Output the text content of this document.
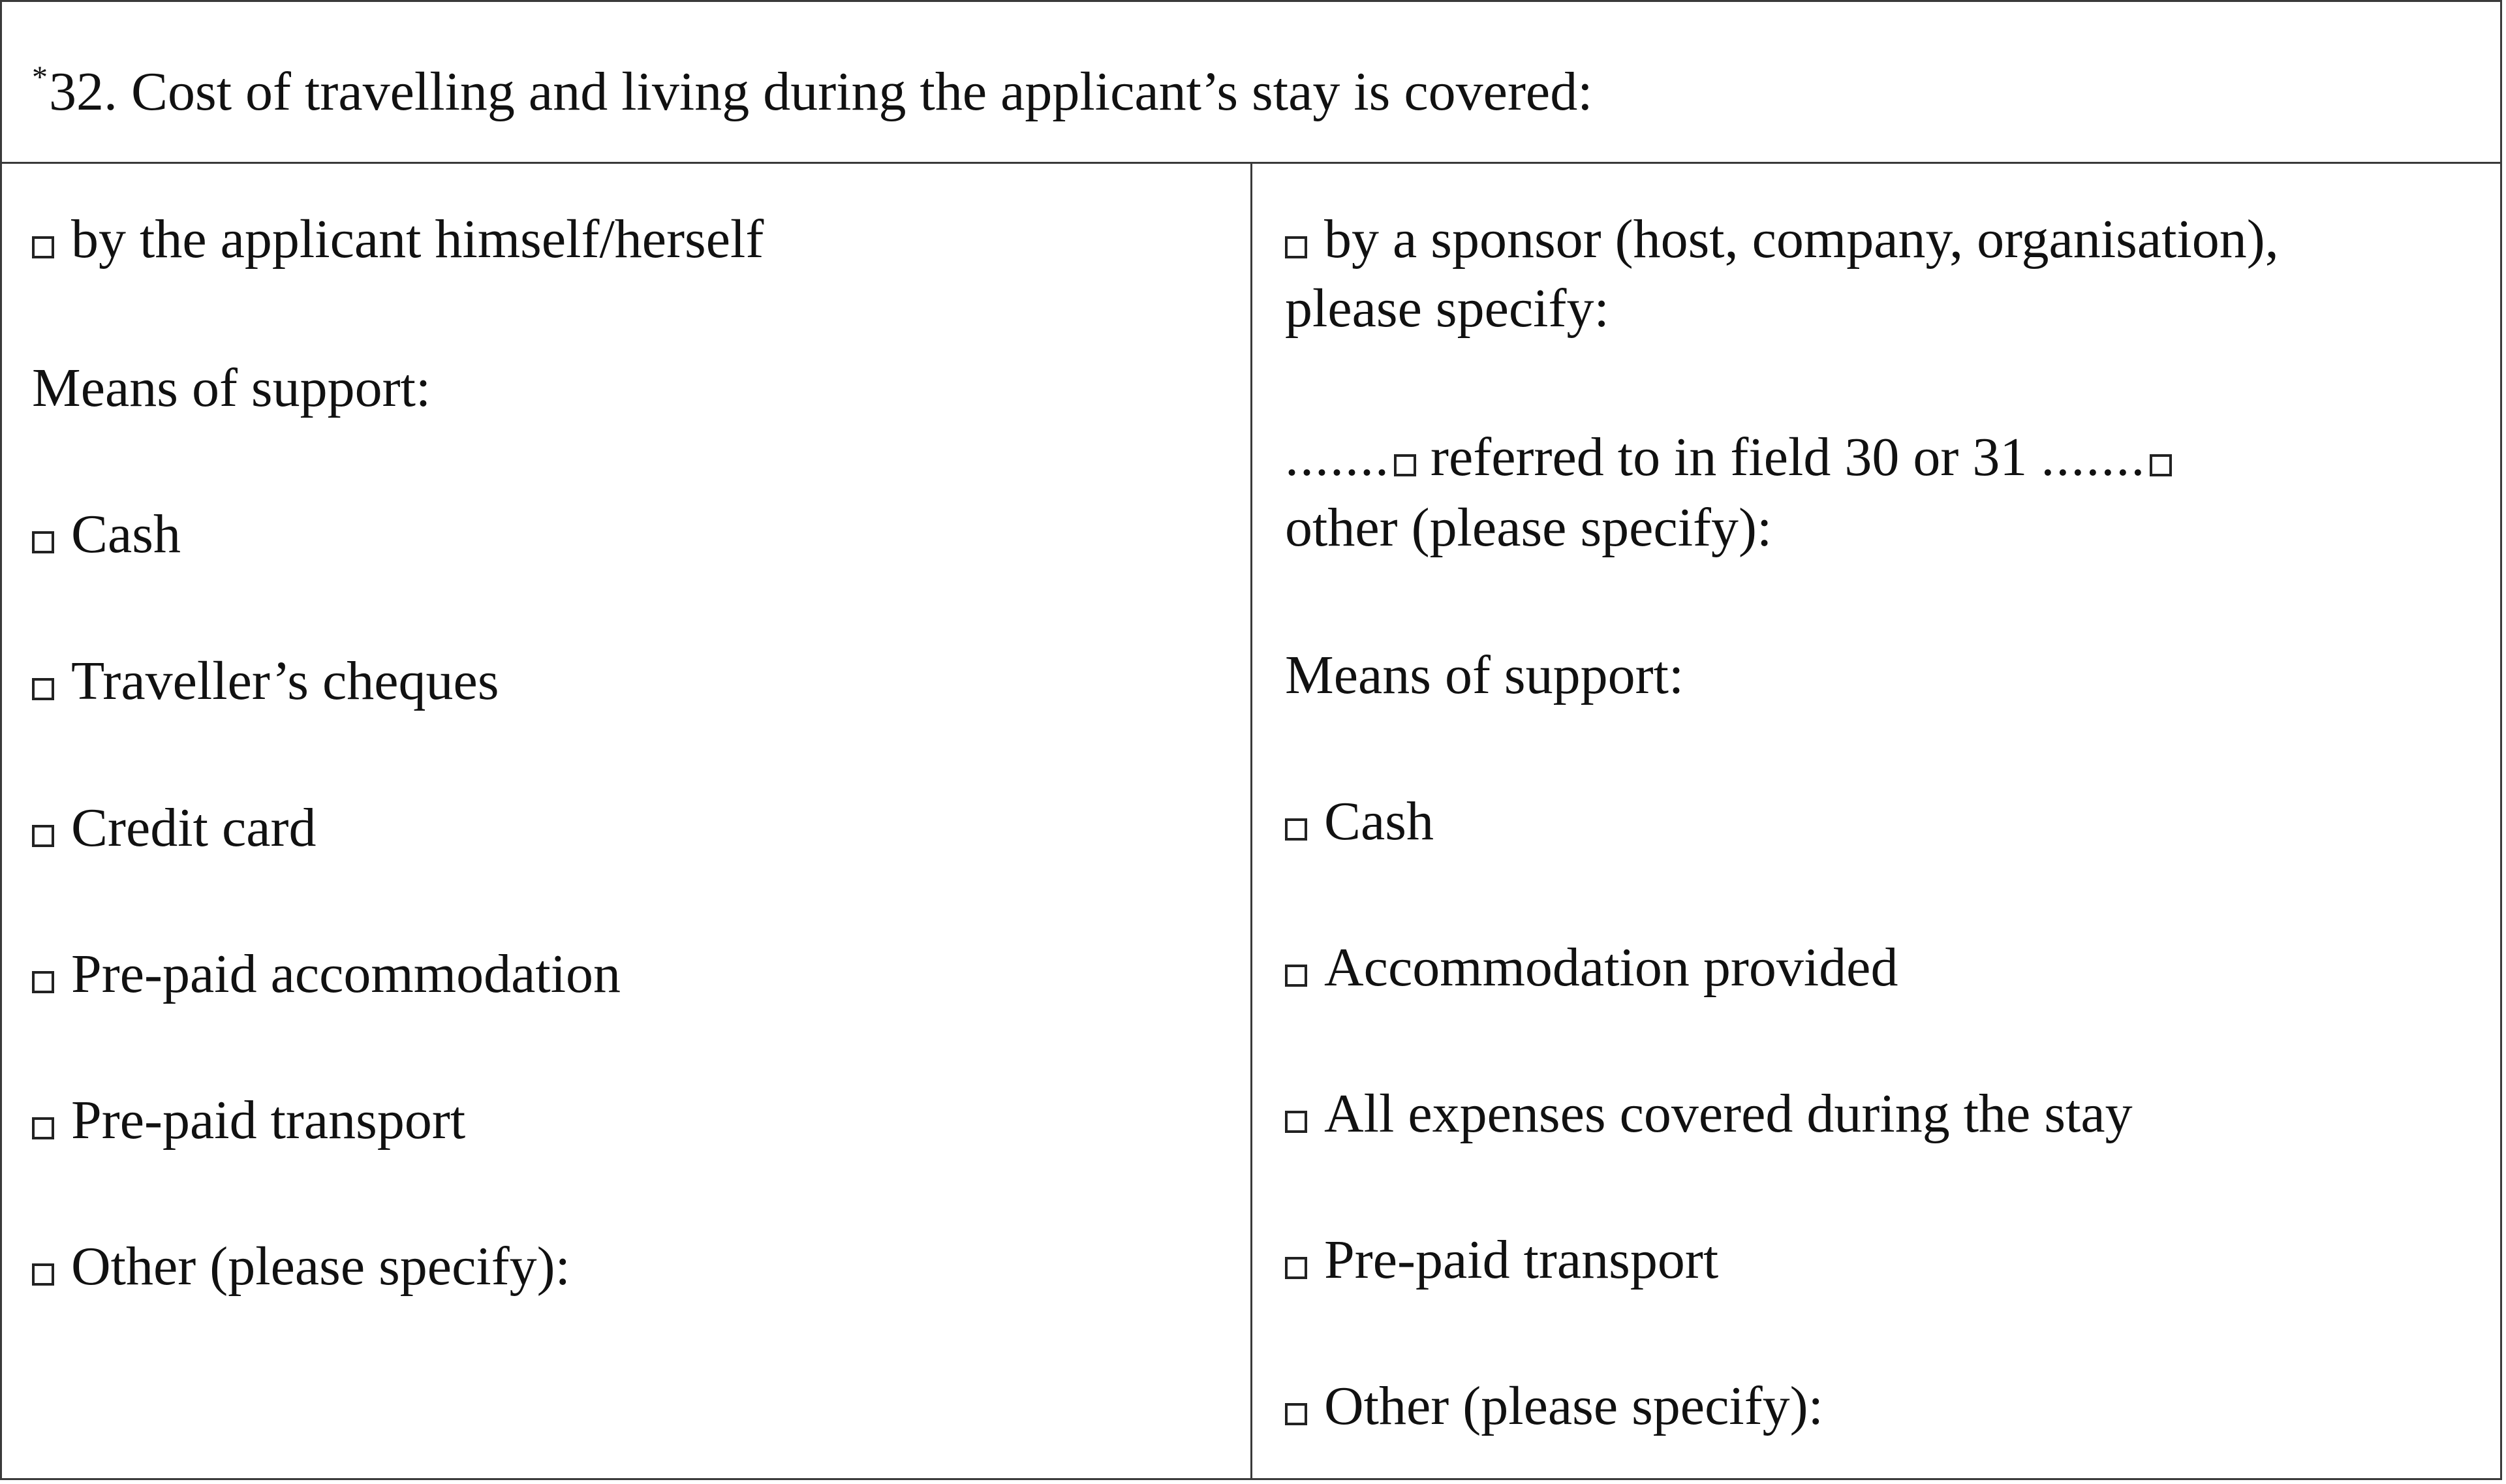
*32. Cost of travelling and living during the applicant’s stay is covered:
by the applicant himself/herself
Means of support:
Cash
Traveller’s cheques
Credit card
Pre-paid accommodation
Pre-paid transport
Other (please specify):
by a sponsor (host, company, organisation),
please specify:
....... referred to in field 30 or 31 .......
other (please specify):
Means of support:
Cash
Accommodation provided
All expenses covered during the stay
Pre-paid transport
Other (please specify):
